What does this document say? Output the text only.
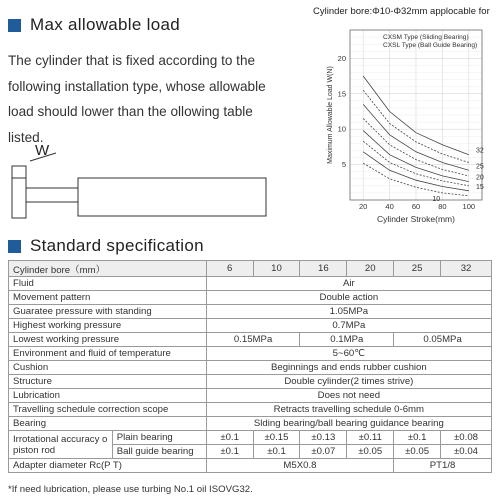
Max allowable load
The cylinder that is fixed according to the
following installation type, whose allowable
load should lower than the ollowing table
listed.
W
Cylinder bore:Φ10-Φ32mm applocable for
20 40 60 80 100
5
10
15
20
Cylinder Stroke(mm)
Maximum Allowable Load W(N)
CXSM Type (Sliding Bearing)
CXSL Type (Ball Guide Bearing)
32
25
20
15
10
Standard specification
Cylinder bore（mm）		6	10	16	20	25	32
Fluid		Air					
Movement pattern		Double action					
Guaratee pressure with standing		1.05MPa					
Highest working pressure		0.7MPa					
Lowest working pressure		0.15MPa		0.1MPa		0.05MPa	
Environment and fluid of temperature		5~60℃					
Cushion		Beginnings and ends rubber cushion					
Structure		Double cylinder(2 times strive)					
Lubrication		Does not need					
Travelling schedule correction scope		Retracts travelling schedule 0-6mm					
Bearing		Slding bearing/ball bearing guidance bearing					
Irrotational accuracy o piston rod	Plain bearing	±0.1	±0.15	±0.13	±0.11	±0.1	±0.08
	Ball guide bearing	±0.1	±0.1	±0.07	±0.05	±0.05	±0.04
Adapter diameter Rc(P T)		M5X0.8				PT1/8	
*If need lubrication, please use turbing No.1 oil ISOVG32.
